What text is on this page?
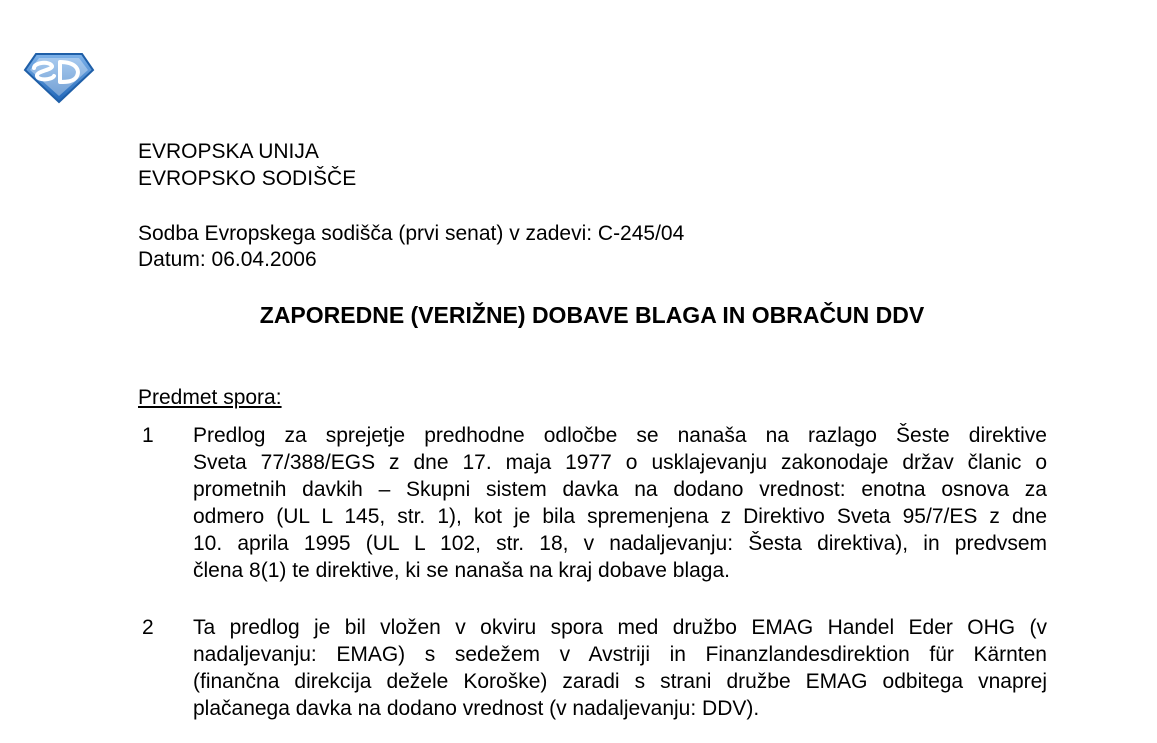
EVROPSKA UNIJA
EVROPSKO SODIŠČE
Sodba Evropskega sodišča (prvi senat) v zadevi: C-245/04
Datum: 06.04.2006
ZAPOREDNE (VERIŽNE) DOBAVE BLAGA IN OBRAČUN DDV
Predmet spora:
1 Predlog za sprejetje predhodne odločbe se nanaša na razlago Šeste direktive
Sveta 77/388/EGS z dne 17. maja 1977 o usklajevanju zakonodaje držav članic o
prometnih davkih – Skupni sistem davka na dodano vrednost: enotna osnova za
odmero (UL L 145, str. 1), kot je bila spremenjena z Direktivo Sveta 95/7/ES z dne
10. aprila 1995 (UL L 102, str. 18, v nadaljevanju: Šesta direktiva), in predvsem
člena 8(1) te direktive, ki se nanaša na kraj dobave blaga.
2 Ta predlog je bil vložen v okviru spora med družbo EMAG Handel Eder OHG (v
nadaljevanju: EMAG) s sedežem v Avstriji in Finanzlandesdirektion für Kärnten
(finančna direkcija dežele Koroške) zaradi s strani družbe EMAG odbitega vnaprej
plačanega davka na dodano vrednost (v nadaljevanju: DDV).
